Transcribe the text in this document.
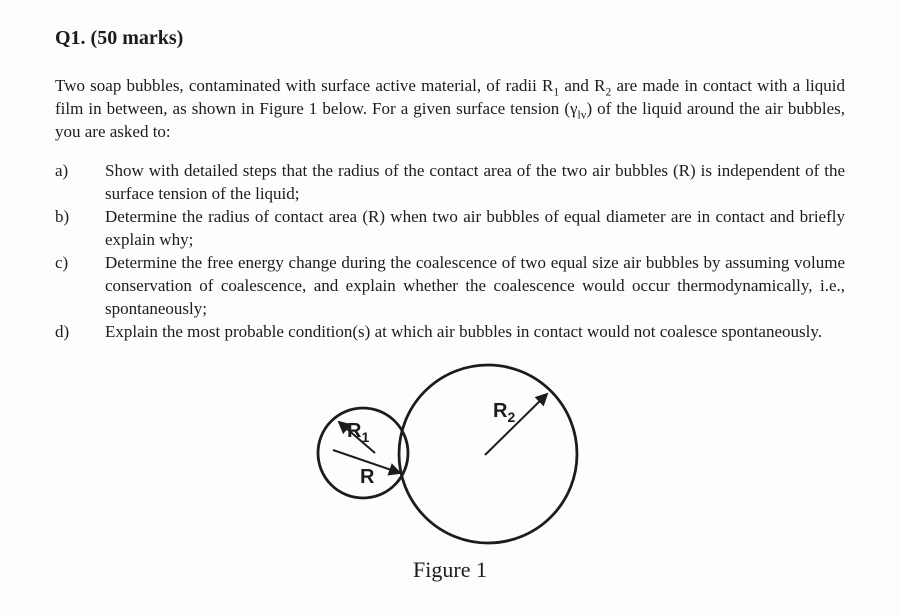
Q1. (50 marks)
Two soap bubbles, contaminated with surface active material, of radii $R_1$ and $R_2$ are made in contact with a liquid film in between, as shown in Figure 1 below. For a given surface tension $(\gamma_{lv})$ of the liquid around the air bubbles, you are asked to:
a) Show with detailed steps that the radius of the contact area of the two air bubbles (R) is independent of the surface tension of the liquid;
b) Determine the radius of contact area (R) when two air bubbles of equal diameter are in contact and briefly explain why;
c) Determine the free energy change during the coalescence of two equal size air bubbles by assuming volume conservation of coalescence, and explain whether the coalescence would occur thermodynamically, i.e., spontaneously;
d) Explain the most probable condition(s) at which air bubbles in contact would not coalesce spontaneously.
$R_1$
R
$R_2$
Figure 1
